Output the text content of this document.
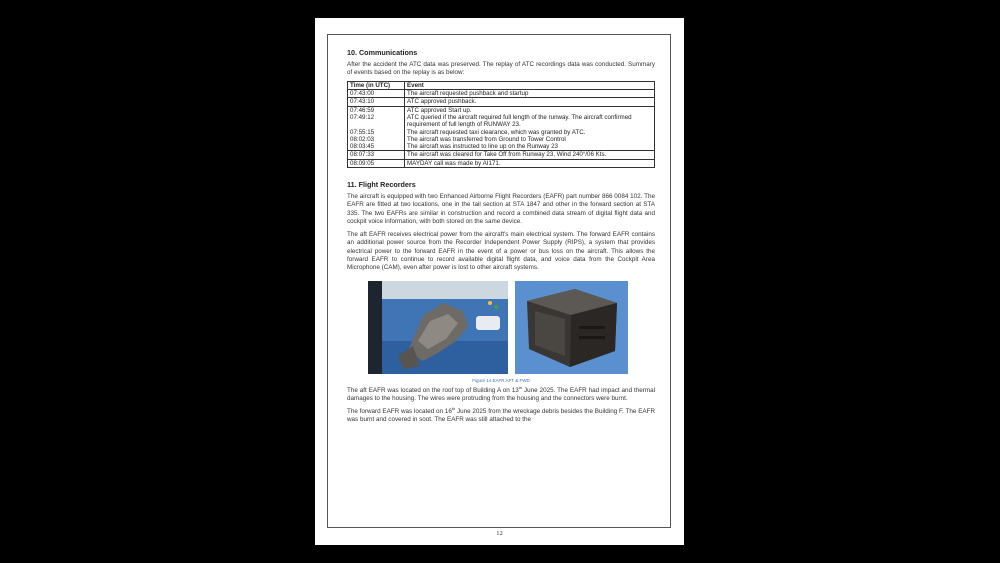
10. Communications

After the accident the ATC data was preserved. The replay of ATC recordings data was conducted. Summary of events based on the replay is as below:

Time (in UTC)	Event
07:43:00	The aircraft requested pushback and startup
07:43:10	ATC approved pushback.
07:46:59	ATC approved Start up.
07:49:12	ATC queried if the aircraft required full length of the runway. The aircraft confirmed requirement of full length of RUNWAY 23.
07:55:15	The aircraft requested taxi clearance, which was granted by ATC.
08:02:03	The aircraft was transferred from Ground to Tower Control
08:03:45	The aircraft was instructed to line up on the Runway 23
08:07:33	The aircraft was cleared for Take Off from Runway 23, Wind 240°/06 Kts.
08:09:05	MAYDAY call was made by AI171.

11. Flight Recorders

The aircraft is equipped with two Enhanced Airborne Flight Recorders (EAFR) part number 866 0084 102. The EAFR are fitted at two locations, one in the tail section at STA 1847 and other in the forward section at STA 335. The two EAFRs are similar in construction and record a combined data stream of digital flight data and cockpit voice information, with both stored on the same device.

The aft EAFR receives electrical power from the aircraft's main electrical system. The forward EAFR contains an additional power source from the Recorder Independent Power Supply (RIPS), a system that provides electrical power to the forward EAFR in the event of a power or bus loss on the aircraft. This allows the forward EAFR to continue to record available digital flight data, and voice data from the Cockpit Area Microphone (CAM), even after power is lost to other aircraft systems.

Figure 14 EAFR AFT & FWD

The aft EAFR was located on the roof top of Building A on 13th June 2025. The EAFR had impact and thermal damages to the housing. The wires were protruding from the housing and the connectors were burnt.

The forward EAFR was located on 16th June 2025 from the wreckage debris besides the Building F. The EAFR was burnt and covered in soot. The EAFR was still attached to the

12
